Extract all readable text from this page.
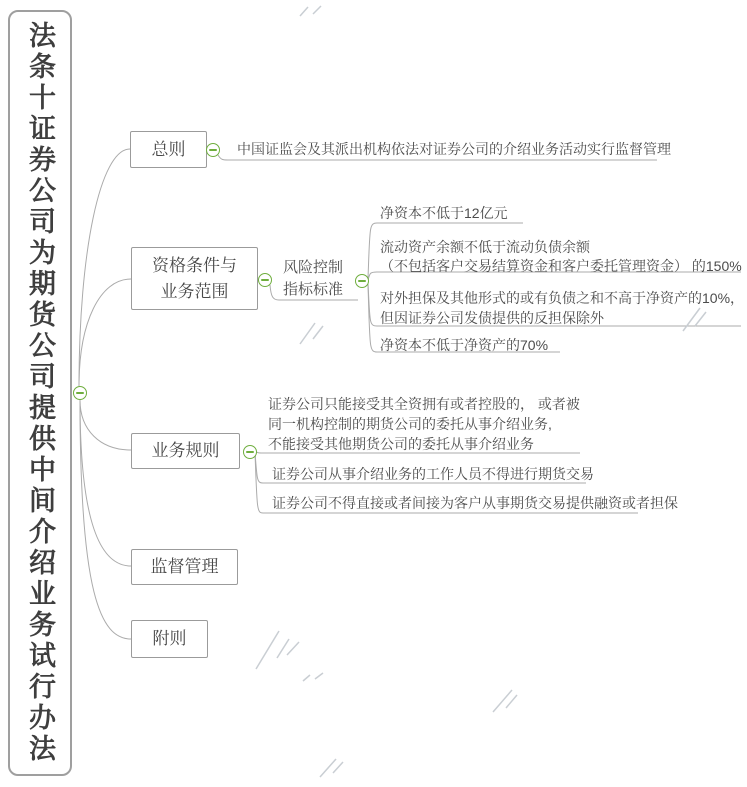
法条十证券公司为期货公司提供中间介绍业务试行办法	总则	中国证监会及其派出机构依法对证券公司的介绍业务活动实行监督管理
资格条件与
业务范围
风险控制
指标标准
净资本不低于12亿元
流动资产余额不低于流动负债余额
（不包括客户交易结算资金和客户委托管理资金） 的150%
对外担保及其他形式的或有负债之和不高于净资产的10%，
但因证券公司发债提供的反担保除外
净资本不低于净资产的70%
业务规则
证券公司只能接受其全资拥有或者控股的， 或者被
同一机构控制的期货公司的委托从事介绍业务,
不能接受其他期货公司的委托从事介绍业务
证券公司从事介绍业务的工作人员不得进行期货交易
证券公司不得直接或者间接为客户从事期货交易提供融资或者担保
监督管理
附则
